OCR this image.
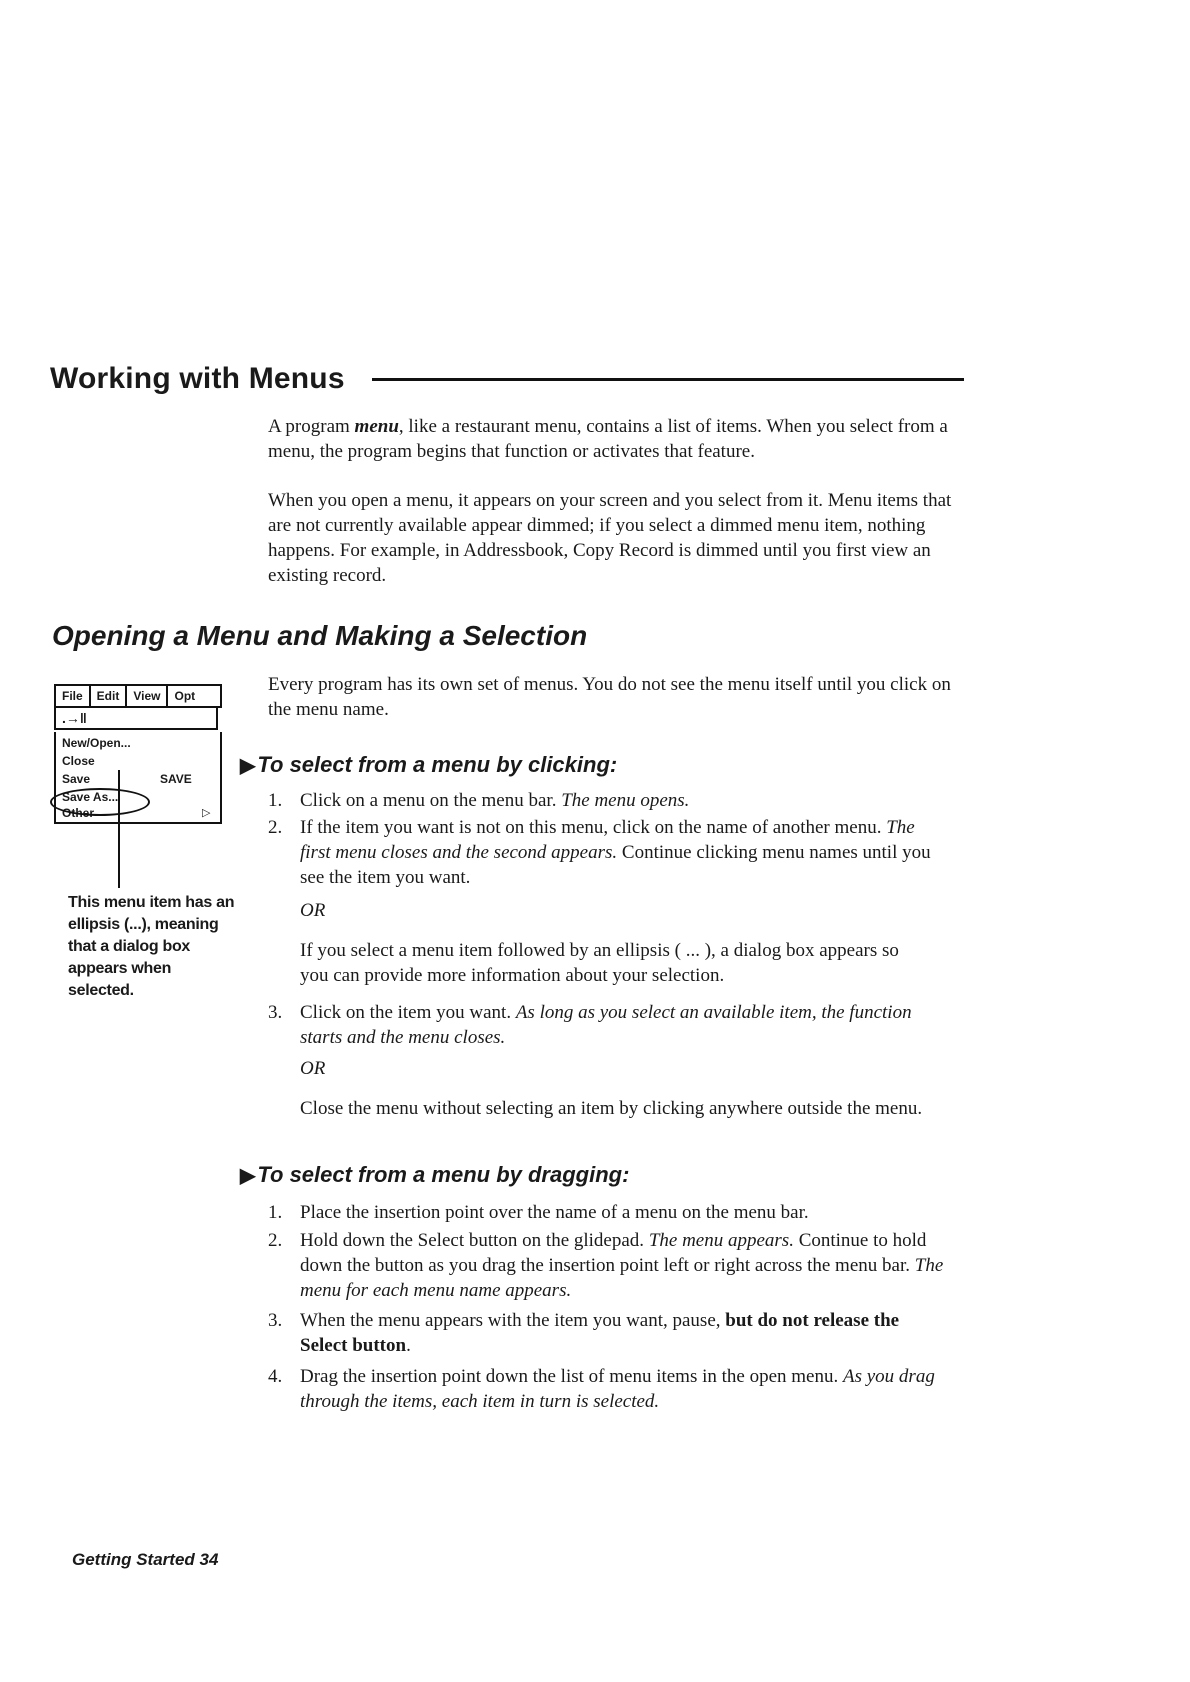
Working with Menus

A program menu, like a restaurant menu, contains a list of items. When you select from a menu, the program begins that function or activates that feature.

When you open a menu, it appears on your screen and you select from it. Menu items that are not currently available appear dimmed; if you select a dimmed menu item, nothing happens. For example, in Addressbook, Copy Record is dimmed until you first view an existing record.

Opening a Menu and Making a Selection

Every program has its own set of menus. You do not see the menu itself until you click on the menu name.

File	Edit	View	Opt
.→‖
New/Open...
Close
Save	SAVE
Save As...
Other	▷

This menu item has an ellipsis (...), meaning that a dialog box appears when selected.

▶ To select from a menu by clicking:
1. Click on a menu on the menu bar. The menu opens.
2. If the item you want is not on this menu, click on the name of another menu. The first menu closes and the second appears. Continue clicking menu names until you see the item you want.
OR

If you select a menu item followed by an ellipsis ( ... ), a dialog box appears so you can provide more information about your selection.

3. Click on the item you want. As long as you select an available item, the function starts and the menu closes.
OR

Close the menu without selecting an item by clicking anywhere outside the menu.

▶ To select from a menu by dragging:
1. Place the insertion point over the name of a menu on the menu bar.
2. Hold down the Select button on the glidepad. The menu appears. Continue to hold down the button as you drag the insertion point left or right across the menu bar. The menu for each menu name appears.
3. When the menu appears with the item you want, pause, but do not release the Select button.
4. Drag the insertion point down the list of menu items in the open menu. As you drag through the items, each item in turn is selected.

Getting Started 34
